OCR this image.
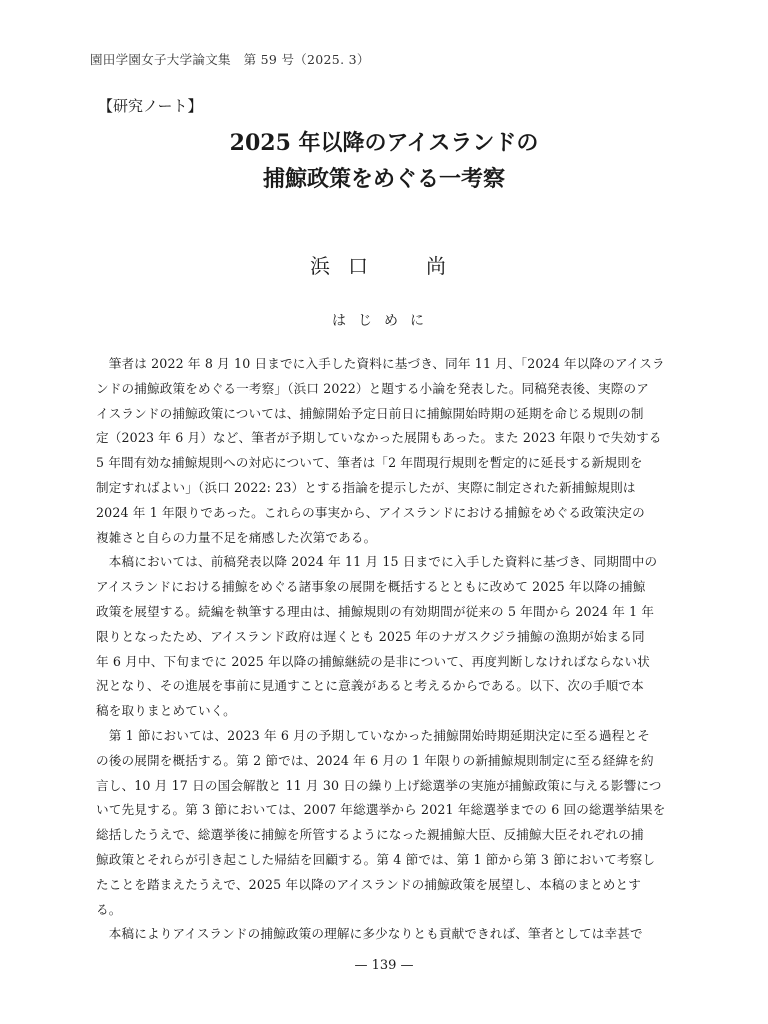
園田学園女子大学論文集　第 59 号（2025. 3）
【研究ノート】
2025 年以降のアイスランドの
捕鯨政策をめぐる一考察
浜 口	尚
はじめに
　筆者は 2022 年 8 月 10 日までに入手した資料に基づき、同年 11 月、「2024 年以降のアイスラ
ンドの捕鯨政策をめぐる一考察」（浜口 2022）と題する小論を発表した。同稿発表後、実際のア
イスランドの捕鯨政策については、捕鯨開始予定日前日に捕鯨開始時期の延期を命じる規則の制
定（2023 年 6 月）など、筆者が予期していなかった展開もあった。また 2023 年限りで失効する
5 年間有効な捕鯨規則への対応について、筆者は「2 年間現行規則を暫定的に延長する新規則を
制定すればよい」（浜口 2022: 23）とする指論を提示したが、実際に制定された新捕鯨規則は
2024 年 1 年限りであった。これらの事実から、アイスランドにおける捕鯨をめぐる政策決定の
複雑さと自らの力量不足を痛感した次第である。
　本稿においては、前稿発表以降 2024 年 11 月 15 日までに入手した資料に基づき、同期間中の
アイスランドにおける捕鯨をめぐる諸事象の展開を概括するとともに改めて 2025 年以降の捕鯨
政策を展望する。続編を執筆する理由は、捕鯨規則の有効期間が従来の 5 年間から 2024 年 1 年
限りとなったため、アイスランド政府は遅くとも 2025 年のナガスクジラ捕鯨の漁期が始まる同
年 6 月中、下旬までに 2025 年以降の捕鯨継続の是非について、再度判断しなければならない状
況となり、その進展を事前に見通すことに意義があると考えるからである。以下、次の手順で本
稿を取りまとめていく。
　第 1 節においては、2023 年 6 月の予期していなかった捕鯨開始時期延期決定に至る過程とそ
の後の展開を概括する。第 2 節では、2024 年 6 月の 1 年限りの新捕鯨規則制定に至る経緯を約
言し、10 月 17 日の国会解散と 11 月 30 日の繰り上げ総選挙の実施が捕鯨政策に与える影響につ
いて先見する。第 3 節においては、2007 年総選挙から 2021 年総選挙までの 6 回の総選挙結果を
総括したうえで、総選挙後に捕鯨を所管するようになった親捕鯨大臣、反捕鯨大臣それぞれの捕
鯨政策とそれらが引き起こした帰結を回顧する。第 4 節では、第 1 節から第 3 節において考察し
たことを踏まえたうえで、2025 年以降のアイスランドの捕鯨政策を展望し、本稿のまとめとす
る。
　本稿によりアイスランドの捕鯨政策の理解に多少なりとも貢献できれば、筆者としては幸甚で
— 139 —
